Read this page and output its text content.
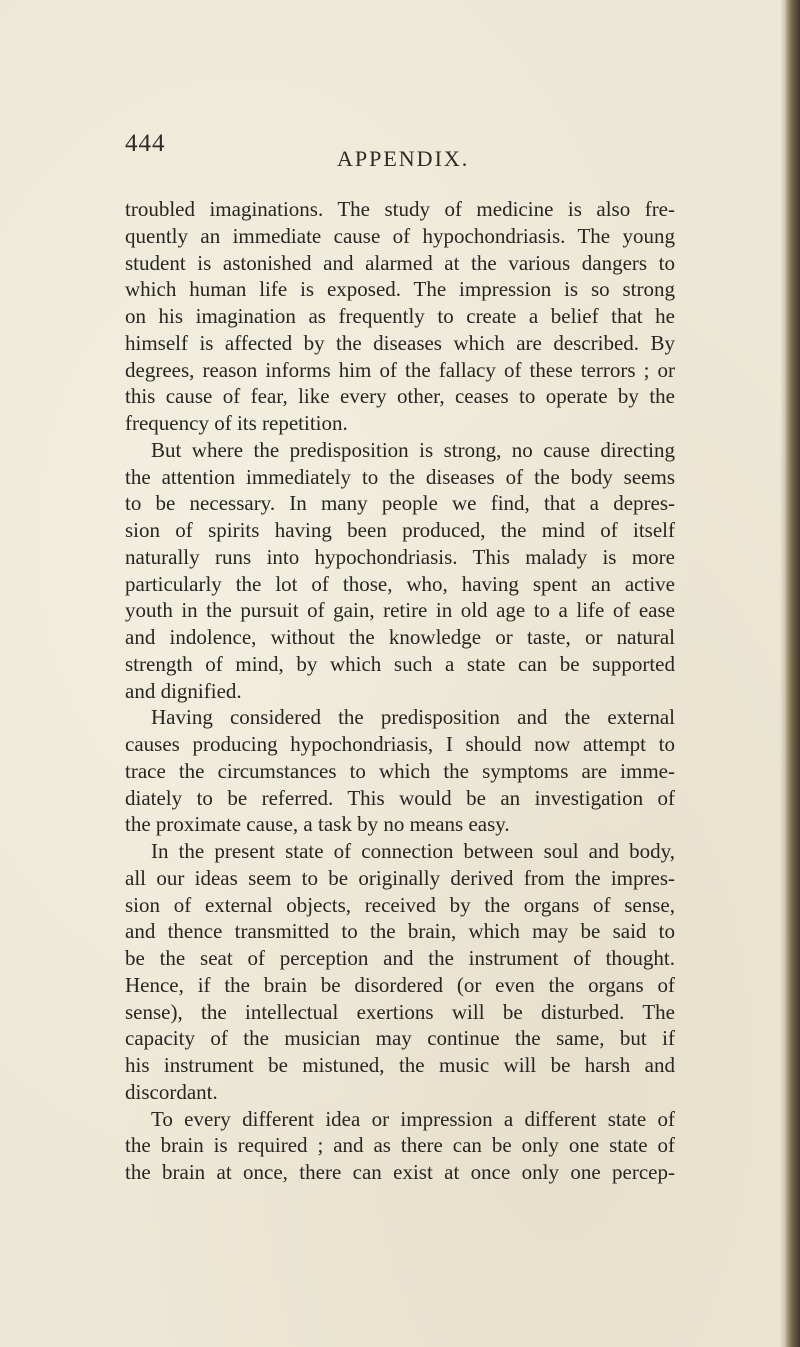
444
APPENDIX.
troubled imaginations. The study of medicine is also fre-
quently an immediate cause of hypochondriasis. The young
student is astonished and alarmed at the various dangers to
which human life is exposed. The impression is so strong
on his imagination as frequently to create a belief that he
himself is affected by the diseases which are described. By
degrees, reason informs him of the fallacy of these terrors ; or
this cause of fear, like every other, ceases to operate by the
frequency of its repetition.
But where the predisposition is strong, no cause directing
the attention immediately to the diseases of the body seems
to be necessary. In many people we find, that a depres-
sion of spirits having been produced, the mind of itself
naturally runs into hypochondriasis. This malady is more
particularly the lot of those, who, having spent an active
youth in the pursuit of gain, retire in old age to a life of ease
and indolence, without the knowledge or taste, or natural
strength of mind, by which such a state can be supported
and dignified.
Having considered the predisposition and the external
causes producing hypochondriasis, I should now attempt to
trace the circumstances to which the symptoms are imme-
diately to be referred. This would be an investigation of
the proximate cause, a task by no means easy.
In the present state of connection between soul and body,
all our ideas seem to be originally derived from the impres-
sion of external objects, received by the organs of sense,
and thence transmitted to the brain, which may be said to
be the seat of perception and the instrument of thought.
Hence, if the brain be disordered (or even the organs of
sense), the intellectual exertions will be disturbed. The
capacity of the musician may continue the same, but if
his instrument be mistuned, the music will be harsh and
discordant.
To every different idea or impression a different state of
the brain is required ; and as there can be only one state of
the brain at once, there can exist at once only one percep-
